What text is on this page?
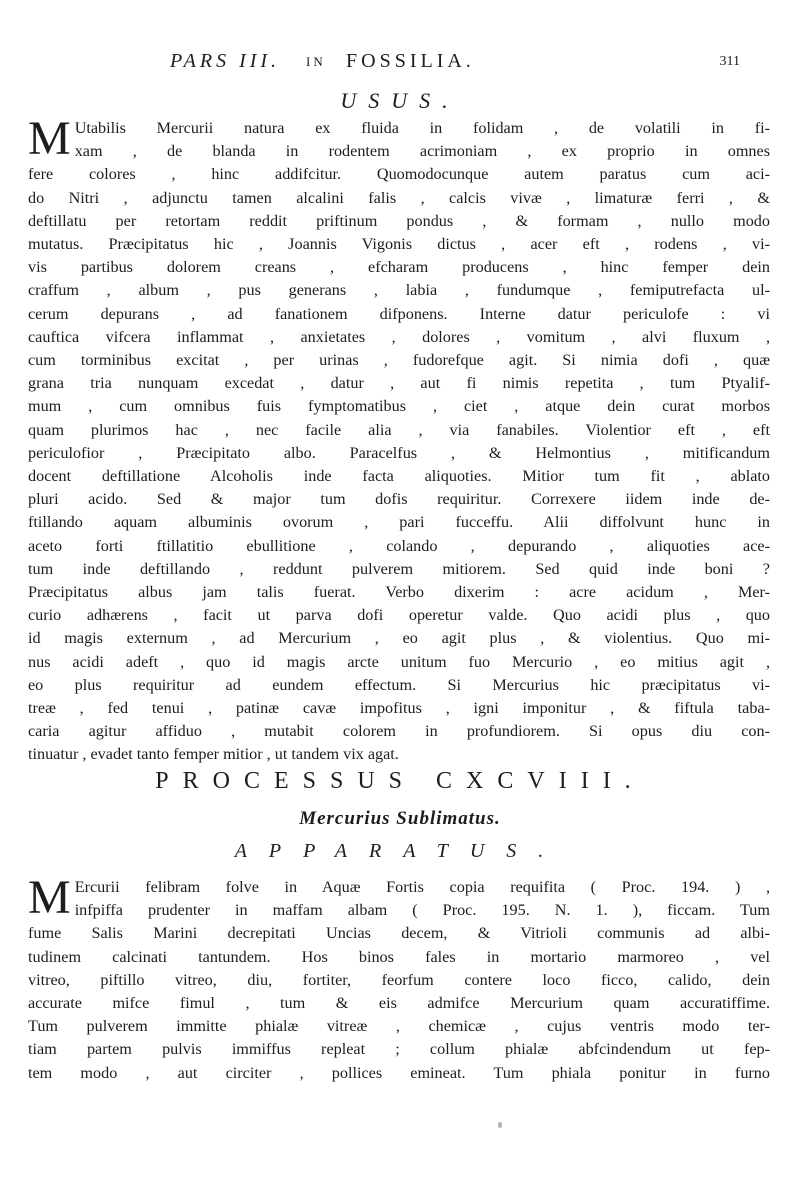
PARS III. IN FOSSILIA.	311
USUS.
M Utabilis Mercurii natura ex fluida in folidam , de volatili in fi-
xam , de blanda in rodentem acrimoniam , ex proprio in omnes
fere colores , hinc addifcitur. Quomodocunque autem paratus cum aci-
do Nitri , adjunctu tamen alcalini falis , calcis vivæ , limaturæ ferri , &
deftillatu per retortam reddit priftinum pondus , & formam , nullo modo
mutatus. Præcipitatus hic , Joannis Vigonis dictus , acer eft , rodens , vi-
vis partibus dolorem creans , efcharam producens , hinc femper dein
craffum , album , pus generans , labia , fundumque , femiputrefacta ul-
cerum depurans , ad fanationem difponens. Interne datur periculofe : vi
cauftica vifcera inflammat , anxietates , dolores , vomitum , alvi fluxum ,
cum torminibus excitat , per urinas , fudorefque agit. Si nimia dofi , quæ
grana tria nunquam excedat , datur , aut fi nimis repetita , tum Ptyalif-
mum , cum omnibus fuis fymptomatibus , ciet , atque dein curat morbos
quam plurimos hac , nec facile alia , via fanabiles. Violentior eft , eft
periculofior , Præcipitato albo. Paracelfus , & Helmontius , mitificandum
docent deftillatione Alcoholis inde facta aliquoties. Mitior tum fit , ablato
pluri acido. Sed & major tum dofis requiritur. Correxere iidem inde de-
ftillando aquam albuminis ovorum , pari fucceffu. Alii diffolvunt hunc in
aceto forti ftillatitio ebullitione , colando , depurando , aliquoties ace-
tum inde deftillando , reddunt pulverem mitiorem. Sed quid inde boni ?
Præcipitatus albus jam talis fuerat. Verbo dixerim : acre acidum , Mer-
curio adhærens , facit ut parva dofi operetur valde. Quo acidi plus , quo
id magis externum , ad Mercurium , eo agit plus , & violentius. Quo mi-
nus acidi adeft , quo id magis arcte unitum fuo Mercurio , eo mitius agit ,
eo plus requiritur ad eundem effectum. Si Mercurius hic præcipitatus vi-
treæ , fed tenui , patinæ cavæ impofitus , igni imponitur , & fiftula taba-
caria agitur affiduo , mutabit colorem in profundiorem. Si opus diu con-
tinuatur , evadet tanto femper mitior , ut tandem vix agat.
PROCESSUS CXCVIII.
Mercurius Sublimatus.
APPARATUS.
M Ercurii felibram folve in Aquæ Fortis copia requifita ( Proc. 194. ) ,
infpiffa prudenter in maffam albam ( Proc. 195. N. 1. ), ficcam. Tum
fume Salis Marini decrepitati Uncias decem, & Vitrioli communis ad albi-
tudinem calcinati tantundem. Hos binos fales in mortario marmoreo , vel
vitreo, piftillo vitreo, diu, fortiter, feorfum contere loco ficco, calido, dein
accurate mifce fimul , tum & eis admifce Mercurium quam accuratiffime.
Tum pulverem immitte phialæ vitreæ , chemicæ , cujus ventris modo ter-
tiam partem pulvis immiffus repleat ; collum phialæ abfcindendum ut fep-
tem modo , aut circiter , pollices emineat. Tum phiala ponitur in furno
